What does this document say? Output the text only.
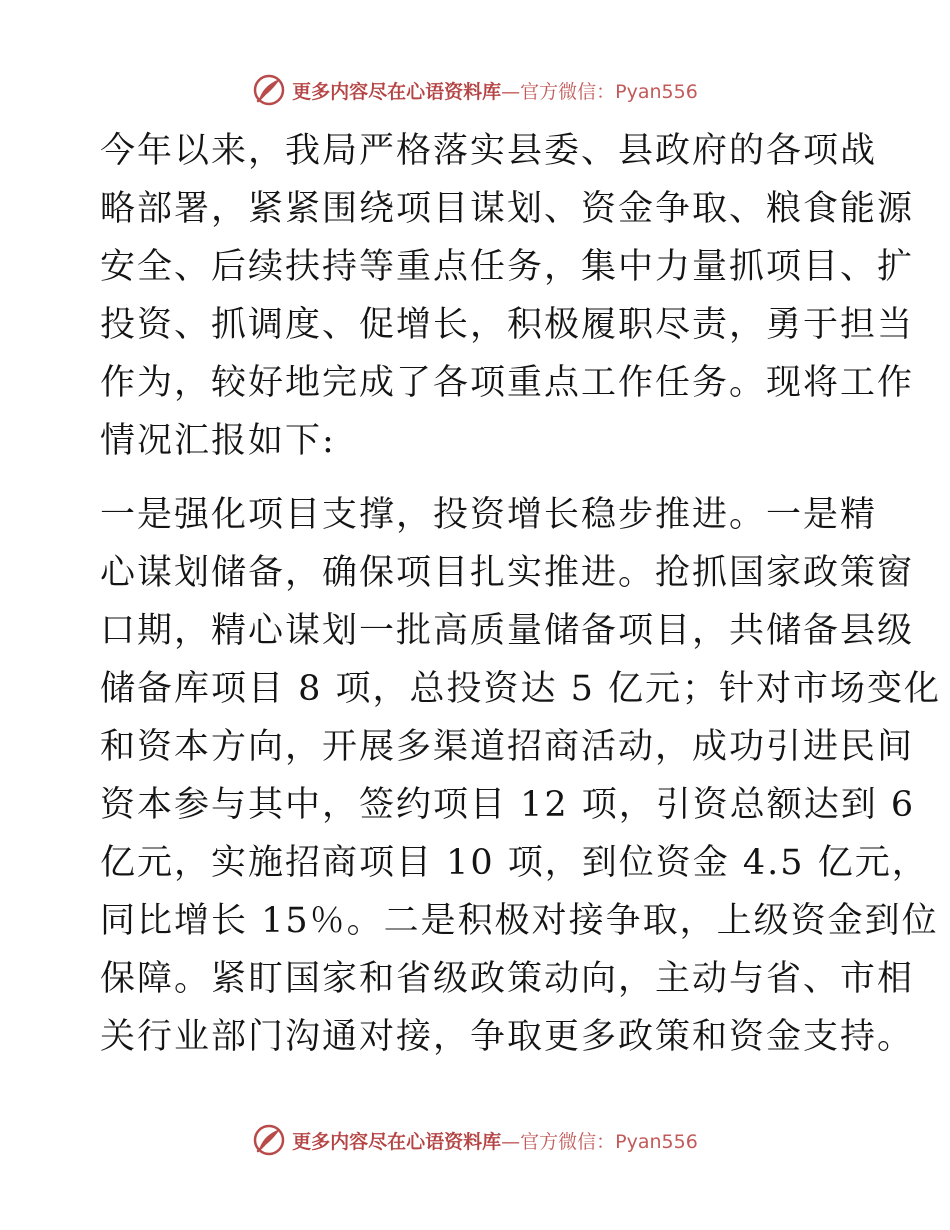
更多内容尽在心语资料库 —官方微信：Pyan556
今年以来，我局严格落实县委、县政府的各项战
略部署，紧紧围绕项目谋划、资金争取、粮食能源
安全、后续扶持等重点任务，集中力量抓项目、扩
投资、抓调度、促增长，积极履职尽责，勇于担当
作为，较好地完成了各项重点工作任务。现将工作
情况汇报如下:
一是强化项目支撑，投资增长稳步推进。一是精
心谋划储备，确保项目扎实推进。抢抓国家政策窗
口期，精心谋划一批高质量储备项目，共储备县级
储备库项目 8 项，总投资达 5 亿元；针对市场变化
和资本方向，开展多渠道招商活动，成功引进民间
资本参与其中，签约项目 12 项，引资总额达到 6
亿元，实施招商项目 10 项，到位资金 4.5 亿元，
同比增长 15％。二是积极对接争取，上级资金到位
保障。紧盯国家和省级政策动向，主动与省、市相
关行业部门沟通对接，争取更多政策和资金支持。
更多内容尽在心语资料库 —官方微信：Pyan556
